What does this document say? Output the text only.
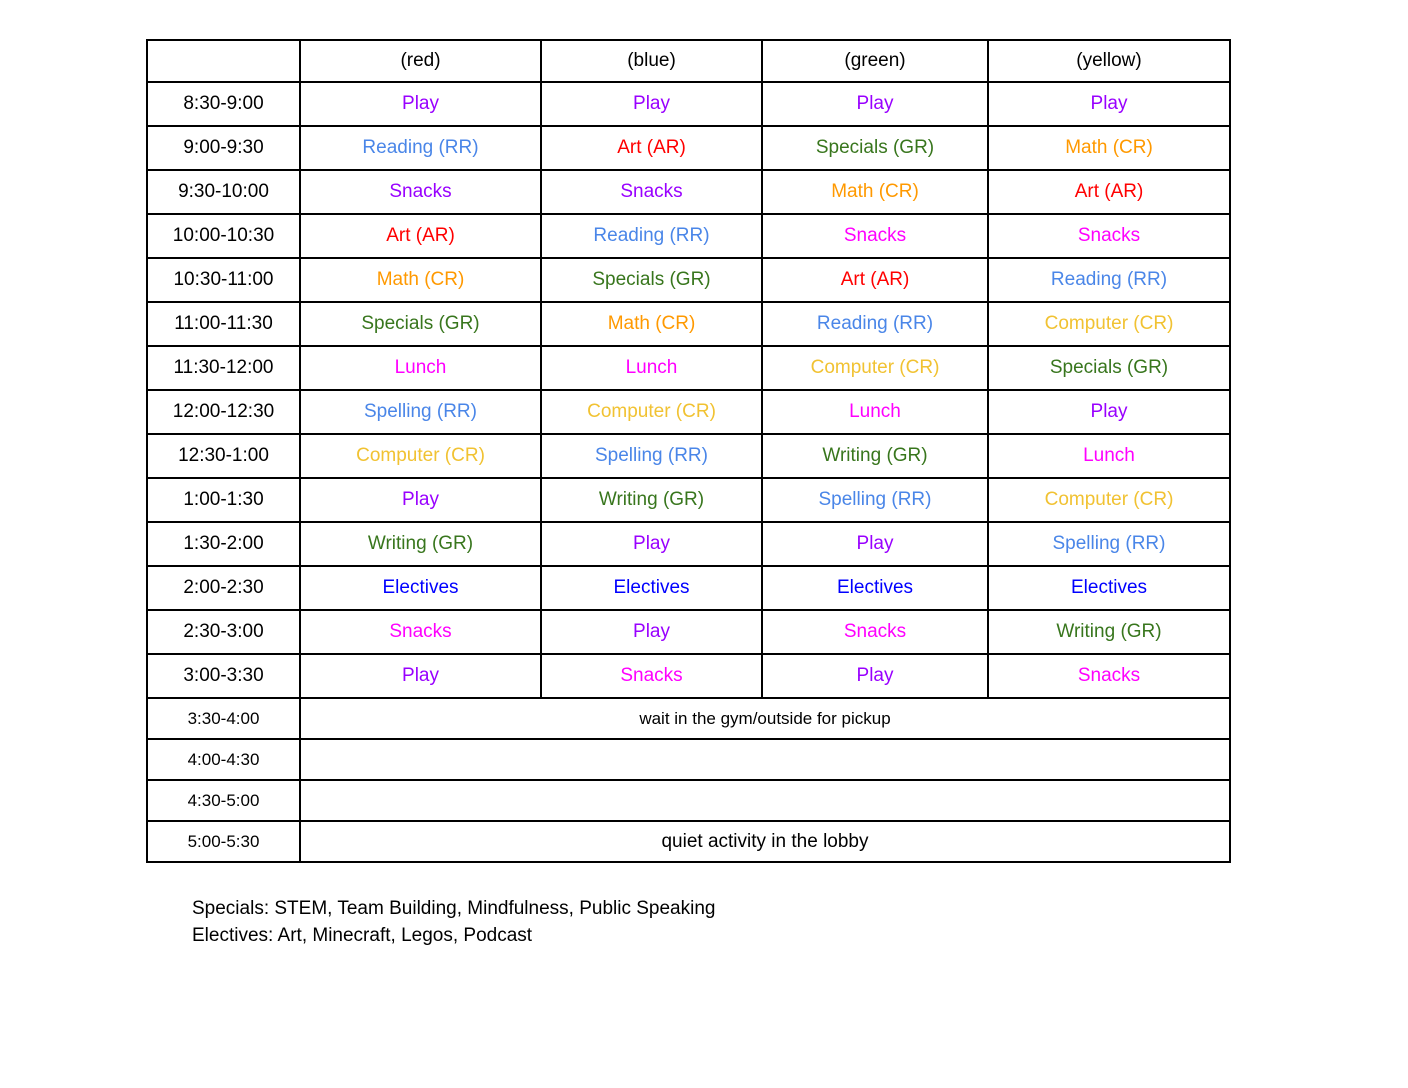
	(red)	(blue)	(green)	(yellow)
8:30-9:00	Play	Play	Play	Play
9:00-9:30	Reading (RR)	Art (AR)	Specials (GR)	Math (CR)
9:30-10:00	Snacks	Snacks	Math (CR)	Art (AR)
10:00-10:30	Art (AR)	Reading (RR)	Snacks	Snacks
10:30-11:00	Math (CR)	Specials (GR)	Art (AR)	Reading (RR)
11:00-11:30	Specials (GR)	Math (CR)	Reading (RR)	Computer (CR)
11:30-12:00	Lunch	Lunch	Computer (CR)	Specials (GR)
12:00-12:30	Spelling (RR)	Computer (CR)	Lunch	Play
12:30-1:00	Computer (CR)	Spelling (RR)	Writing (GR)	Lunch
1:00-1:30	Play	Writing (GR)	Spelling (RR)	Computer (CR)
1:30-2:00	Writing (GR)	Play	Play	Spelling (RR)
2:00-2:30	Electives	Electives	Electives	Electives
2:30-3:00	Snacks	Play	Snacks	Writing (GR)
3:00-3:30	Play	Snacks	Play	Snacks
3:30-4:00	wait in the gym/outside for pickup			
4:00-4:30				
4:30-5:00				
5:00-5:30	quiet activity in the lobby			
Specials: STEM, Team Building, Mindfulness, Public Speaking
Electives: Art, Minecraft, Legos, Podcast
